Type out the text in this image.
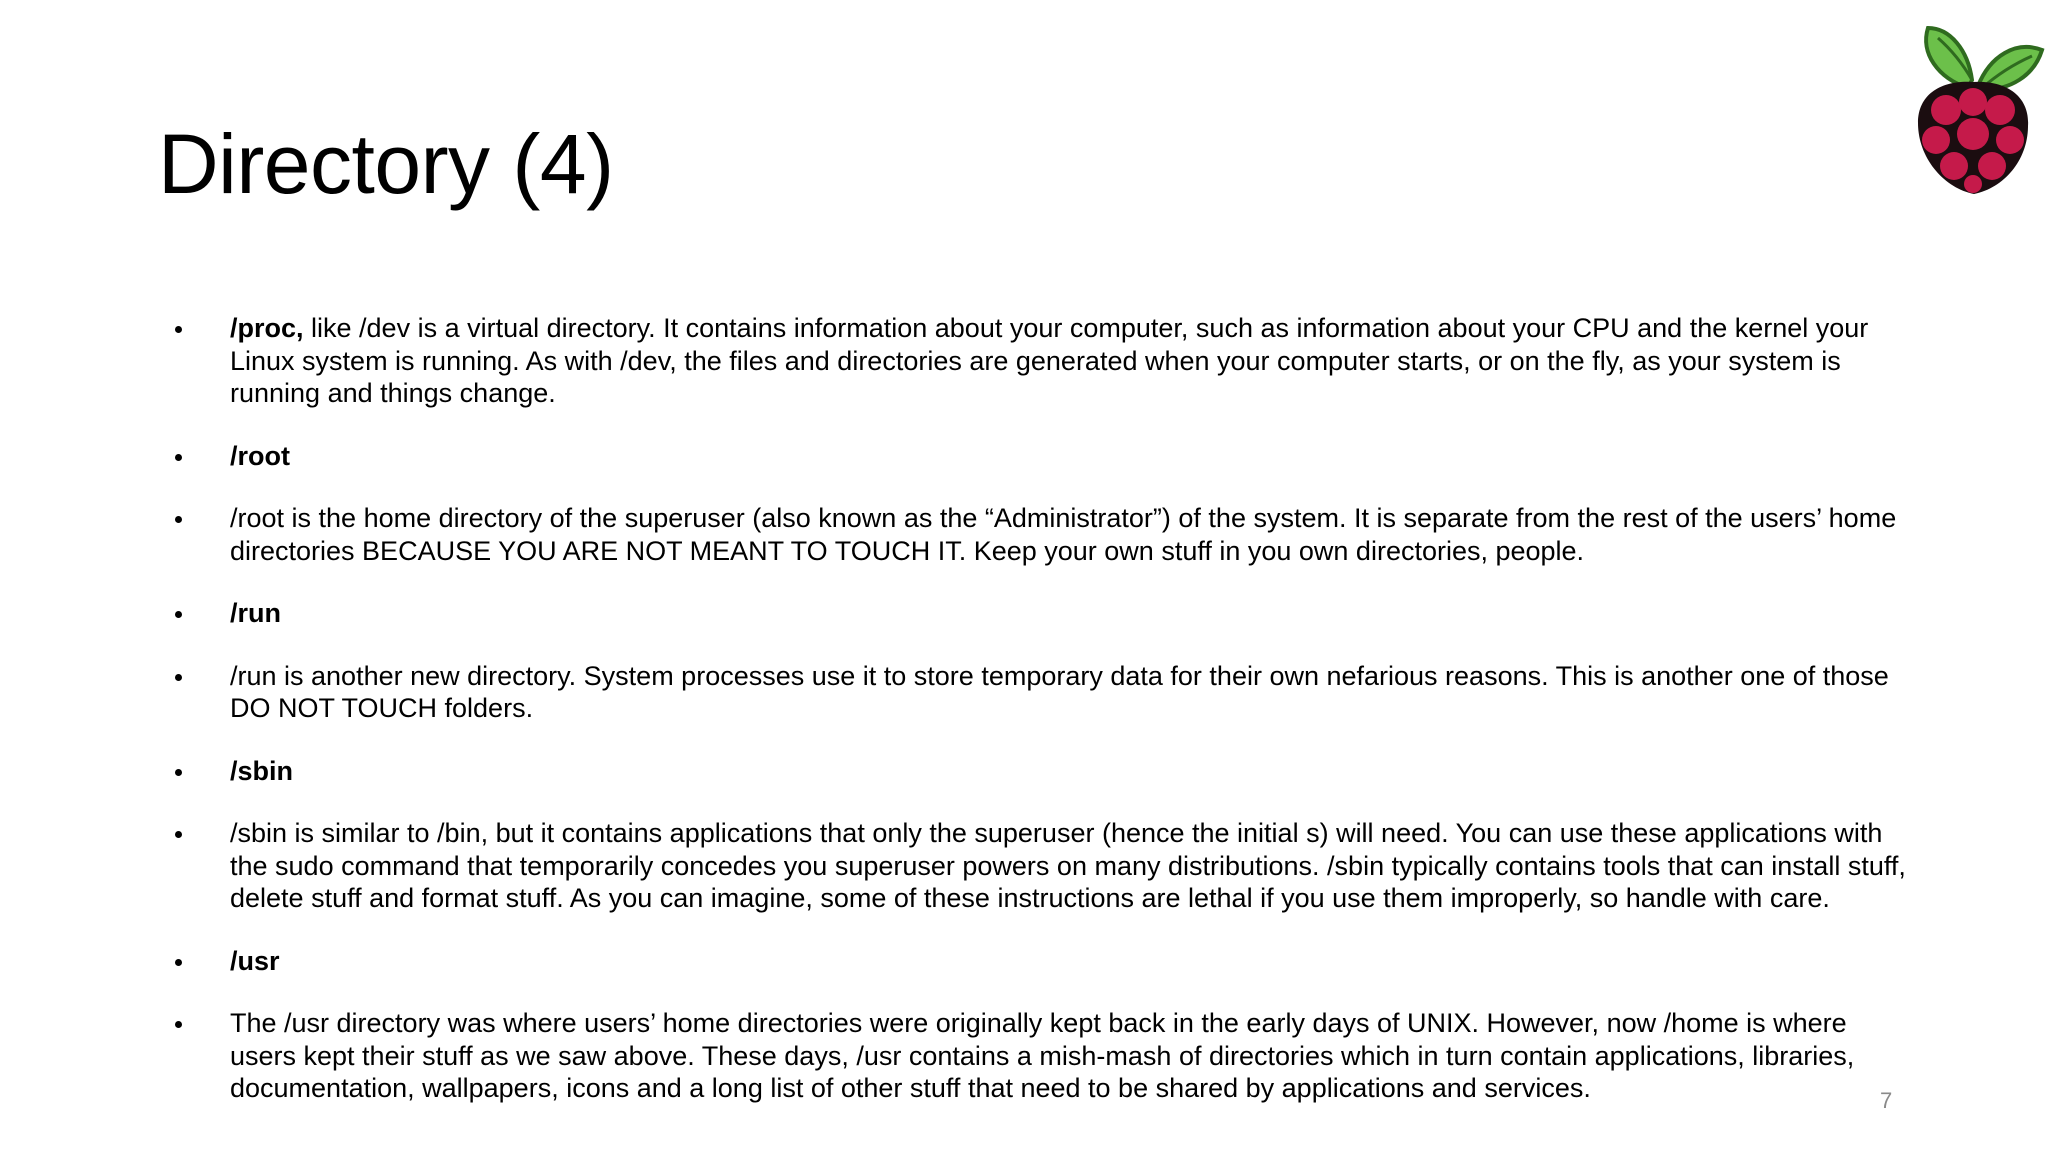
Directory (4)
/proc, like /dev is a virtual directory. It contains information about your computer, such as information about your CPU and the kernel your Linux system is running. As with /dev, the files and directories are generated when your computer starts, or on the fly, as your system is running and things change.
/root
/root is the home directory of the superuser (also known as the “Administrator”) of the system. It is separate from the rest of the users’ home directories BECAUSE YOU ARE NOT MEANT TO TOUCH IT. Keep your own stuff in you own directories, people.
/run
/run is another new directory. System processes use it to store temporary data for their own nefarious reasons. This is another one of those DO NOT TOUCH folders.
/sbin
/sbin is similar to /bin, but it contains applications that only the superuser (hence the initial s) will need. You can use these applications with the sudo command that temporarily concedes you superuser powers on many distributions. /sbin typically contains tools that can install stuff, delete stuff and format stuff. As you can imagine, some of these instructions are lethal if you use them improperly, so handle with care.
/usr
The /usr directory was where users’ home directories were originally kept back in the early days of UNIX. However, now /home is where users kept their stuff as we saw above. These days, /usr contains a mish-mash of directories which in turn contain applications, libraries, documentation, wallpapers, icons and a long list of other stuff that need to be shared by applications and services.	7
